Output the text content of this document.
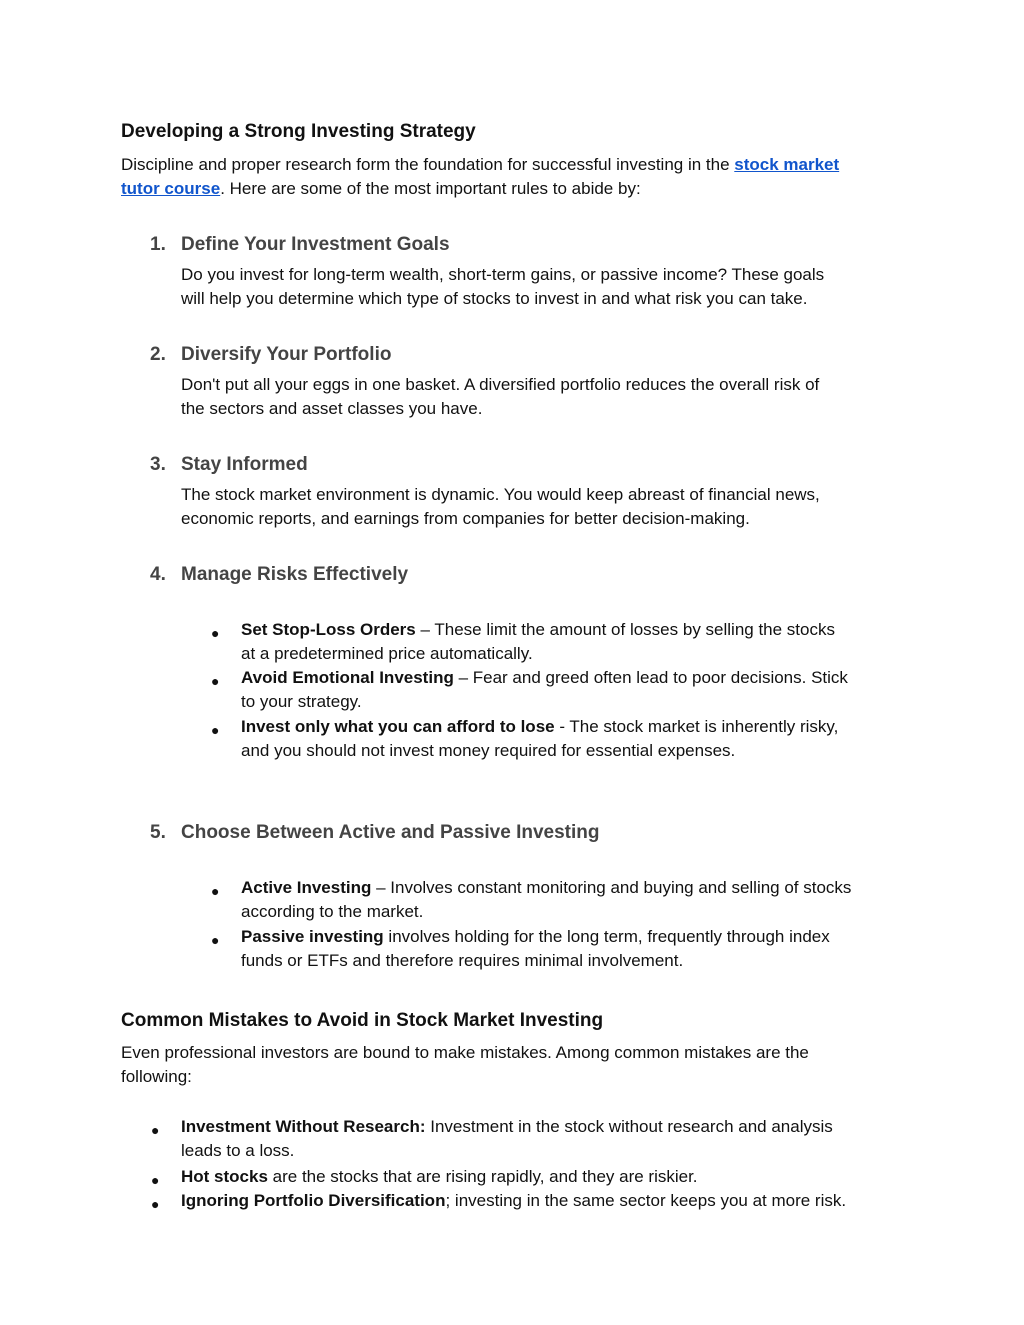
Developing a Strong Investing Strategy
Discipline and proper research form the foundation for successful investing in the stock market
tutor course. Here are some of the most important rules to abide by:
1. Define Your Investment Goals
Do you invest for long-term wealth, short-term gains, or passive income? These goals
will help you determine which type of stocks to invest in and what risk you can take.
2. Diversify Your Portfolio
Don't put all your eggs in one basket. A diversified portfolio reduces the overall risk of
the sectors and asset classes you have.
3. Stay Informed
The stock market environment is dynamic. You would keep abreast of financial news,
economic reports, and earnings from companies for better decision-making.
4. Manage Risks Effectively
● Set Stop-Loss Orders – These limit the amount of losses by selling the stocks
at a predetermined price automatically.
● Avoid Emotional Investing – Fear and greed often lead to poor decisions. Stick
to your strategy.
● Invest only what you can afford to lose - The stock market is inherently risky,
and you should not invest money required for essential expenses.
5. Choose Between Active and Passive Investing
● Active Investing – Involves constant monitoring and buying and selling of stocks
according to the market.
● Passive investing involves holding for the long term, frequently through index
funds or ETFs and therefore requires minimal involvement.
Common Mistakes to Avoid in Stock Market Investing
Even professional investors are bound to make mistakes. Among common mistakes are the
following:
● Investment Without Research: Investment in the stock without research and analysis
leads to a loss.
● Hot stocks are the stocks that are rising rapidly, and they are riskier.
● Ignoring Portfolio Diversification; investing in the same sector keeps you at more risk.
